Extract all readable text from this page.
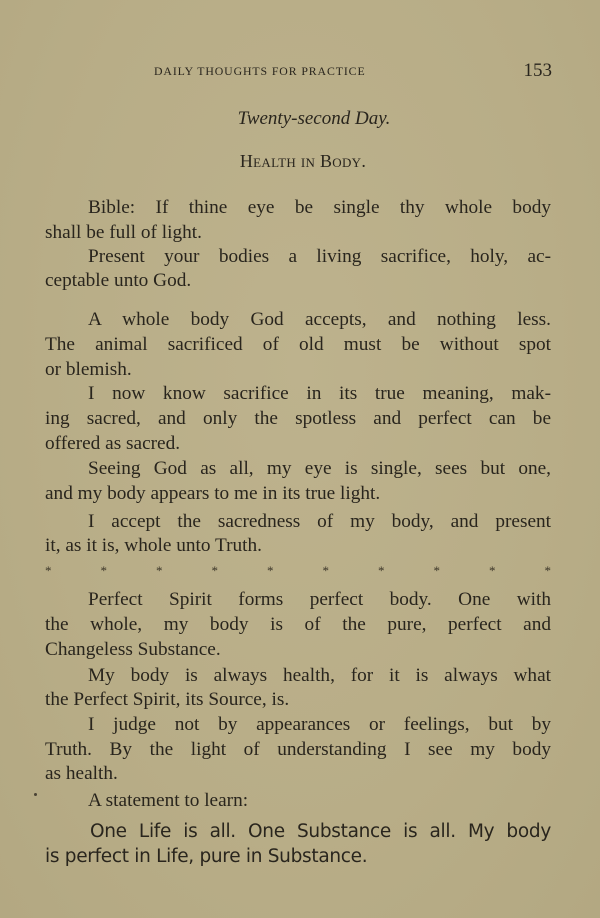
DAILY THOUGHTS FOR PRACTICE	153
Twenty-second Day.
Health in Body.
Bible: If thine eye be single thy whole body
shall be full of light.
Present your bodies a living sacrifice, holy, ac-
ceptable unto God.
A whole body God accepts, and nothing less.
The animal sacrificed of old must be without spot
or blemish.
I now know sacrifice in its true meaning, mak-
ing sacred, and only the spotless and perfect can be
offered as sacred.
Seeing God as all, my eye is single, sees but one,
and my body appears to me in its true light.
I accept the sacredness of my body, and present
it, as it is, whole unto Truth.
*	*	*	*	*	*	*	*	*	*
Perfect Spirit forms perfect body. One with
the whole, my body is of the pure, perfect and
Changeless Substance.
My body is always health, for it is always what
the Perfect Spirit, its Source, is.
I judge not by appearances or feelings, but by
Truth. By the light of understanding I see my body
as health.
A statement to learn:
One Life is all. One Substance is all. My body
is perfect in Life, pure in Substance.
